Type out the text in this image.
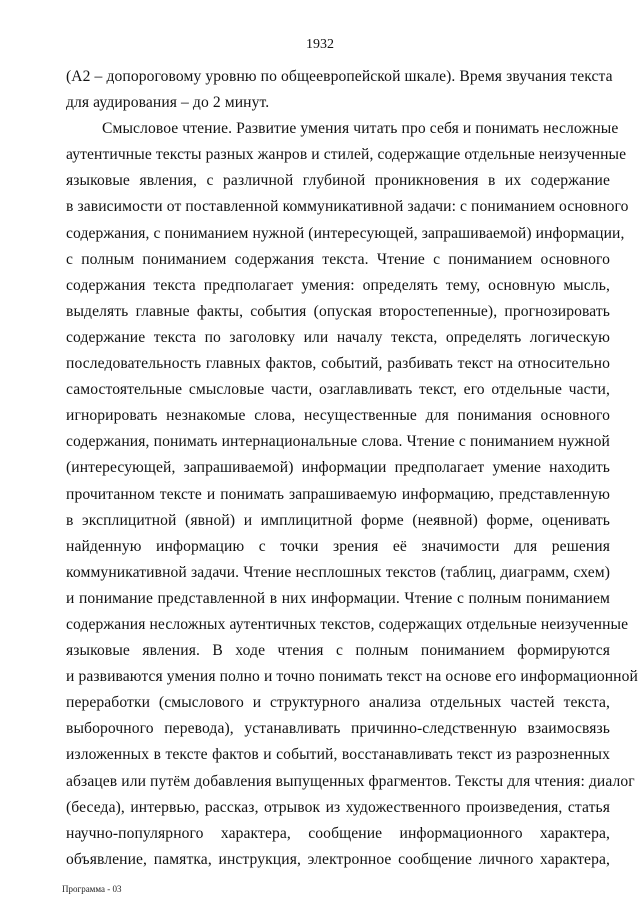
1932
(А2 – допороговому уровню по общеевропейской шкале). Время звучания текста
для аудирования – до 2 минут.
Смысловое чтение. Развитие умения читать про себя и понимать несложные
аутентичные тексты разных жанров и стилей, содержащие отдельные неизученные
языковые явления, с различной глубиной проникновения в их содержание
в зависимости от поставленной коммуникативной задачи: с пониманием основного
содержания, с пониманием нужной (интересующей, запрашиваемой) информации,
с полным пониманием содержания текста. Чтение с пониманием основного
содержания текста предполагает умения: определять тему, основную мысль,
выделять главные факты, события (опуская второстепенные), прогнозировать
содержание текста по заголовку или началу текста, определять логическую
последовательность главных фактов, событий, разбивать текст на относительно
самостоятельные смысловые части, озаглавливать текст, его отдельные части,
игнорировать незнакомые слова, несущественные для понимания основного
содержания, понимать интернациональные слова. Чтение с пониманием нужной
(интересующей, запрашиваемой) информации предполагает умение находить
прочитанном тексте и понимать запрашиваемую информацию, представленную
в эксплицитной (явной) и имплицитной форме (неявной) форме, оценивать
найденную информацию с точки зрения её значимости для решения
коммуникативной задачи. Чтение несплошных текстов (таблиц, диаграмм, схем)
и понимание представленной в них информации. Чтение с полным пониманием
содержания несложных аутентичных текстов, содержащих отдельные неизученные
языковые явления. В ходе чтения с полным пониманием формируются
и развиваются умения полно и точно понимать текст на основе его информационной
переработки (смыслового и структурного анализа отдельных частей текста,
выборочного перевода), устанавливать причинно-следственную взаимосвязь
изложенных в тексте фактов и событий, восстанавливать текст из разрозненных
абзацев или путём добавления выпущенных фрагментов. Тексты для чтения: диалог
(беседа), интервью, рассказ, отрывок из художественного произведения, статья
научно-популярного характера, сообщение информационного характера,
объявление, памятка, инструкция, электронное сообщение личного характера,
Программа - 03
